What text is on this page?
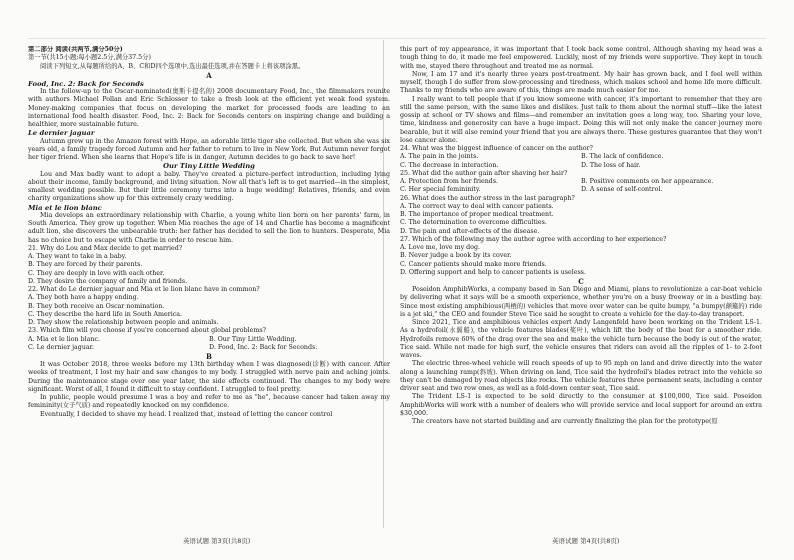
第二部分 阅读(共两节,满分50分)

第一节(共15小题;每小题2.5分,满分37.5分)

阅读下列短文,从每题所给的A、B、C和D四个选项中,选出最佳选项,并在答题卡上将该项涂黑。

A

Food, Inc. 2: Back for Seconds

In the follow-up to the Oscar-nominated(奥斯卡提名的) 2008 documentary Food, Inc., the filmmakers reunite with authors Michael Pollan and Eric Schlosser to take a fresh look at the efficient yet weak food system. Money-making companies that focus on developing the market for processed foods are leading to an international food health disaster. Food, Inc. 2: Back for Seconds centers on inspiring change and building a healthier, more sustainable future.

Le dernier jaguar

Autumn grew up in the Amazon forest with Hope, an adorable little tiger she collected. But when she was six years old, a family tragedy forced Autumn and her father to return to live in New York. But Autumn never forgot her tiger friend. When she learns that Hope's life is in danger, Autumn decides to go back to save her!

Our Tiny Little Wedding

Lou and Max badly want to adopt a baby. They've created a picture-perfect introduction, including lying about their income, family background, and living situation. Now all that's left is to get married—in the simplest, smallest wedding possible. But their little ceremony turns into a huge wedding! Relatives, friends, and even charity organizations show up for this extremely crazy wedding.

Mia et le lion blanc

Mia develops an extraordinary relationship with Charlie, a young white lion born on her parents' farm, in South America. They grow up together. When Mia reaches the age of 14 and Charlie has become a magnificent adult lion, she discovers the unbearable truth: her father has decided to sell the lion to hunters. Desperate, Mia has no choice but to escape with Charlie in order to rescue him.

21. Why do Lou and Max decide to get married?

A. They want to take in a baby.

B. They are forced by their parents.

C. They are deeply in love with each other.

D. They desire the company of family and friends.

22. What do Le dernier jaguar and Mia et le lion blanc have in common?

A. They both have a happy ending.

B. They both receive an Oscar nomination.

C. They describe the hard life in South America.

D. They show the relationship between people and animals.

23. Which film will you choose if you're concerned about global problems?

A. Mia et le lion blanc.	B. Our Tiny Little Wedding.
C. Le dernier jaguar.	D. Food, Inc. 2: Back for Seconds.

B

It was October 2018, three weeks before my 13th birthday when I was diagnosed(诊断) with cancer. After weeks of treatment, I lost my hair and saw changes to my body. I struggled with nerve pain and aching joints. During the maintenance stage over one year later, the side effects continued. The changes to my body were significant. Worst of all, I found it difficult to stay confident. I struggled to feel pretty.

In public, people would presume I was a boy and refer to me as "he", because cancer had taken away my femininity(女子气质) and repeatedly knocked on my confidence.

Eventually, I decided to shave my head. I realized that, instead of letting the cancer control

this part of my appearance, it was important that I took back some control. Although shaving my head was a tough thing to do, it made me feel empowered. Luckily, most of my friends were supportive. They kept in touch with me, stayed there throughout and treated me as normal.

Now, I am 17 and it's nearly three years post-treatment. My hair has grown back, and I feel well within myself, though I do suffer from slow-processing and tiredness, which makes school and home life more difficult. Thanks to my friends who are aware of this, things are made much easier for me.

I really want to tell people that if you know someone with cancer, it's important to remember that they are still the same person, with the same likes and dislikes. Just talk to them about the normal stuff—like the latest gossip at school or TV shows and films—and remember an invitation goes a long way, too. Sharing your love, time, kindness and generosity can have a huge impact. Doing this will not only make the cancer journey more bearable, but it will also remind your friend that you are always there. These gestures guarantee that they won't lose cancer alone.

24. What was the biggest influence of cancer on the author?

A. The pain in the joints.	B. The lack of confidence.
C. The decrease in interaction.	D. The loss of hair.

25. What did the author gain after shaving her hair?

A. Protection from her friends.	B. Positive comments on her appearance.
C. Her special femininity.	D. A sense of self-control.

26. What does the author stress in the last paragraph?

A. The correct way to deal with cancer patients.

B. The importance of proper medical treatment.

C. The determination to overcome difficulties.

D. The pain and after-effects of the disease.

27. Which of the following may the author agree with according to her experience?

A. Love me, love my dog.

B. Never judge a book by its cover.

C. Cancer patients should make more friends.

D. Offering support and help to cancer patients is useless.

C

Poseidon AmphibWorks, a company based in San Diego and Miami, plans to revolutionize a car-boat vehicle by delivering what it says will be a smooth experience, whether you're on a busy freeway or in a bustling bay. Since most existing amphibious(两栖的) vehicles that move over water can be quite bumpy, "a bumpy(颠簸的) ride is a jet ski," the CEO and founder Steve Tice said he sought to create a vehicle for the day-to-day transport.

Since 2021, Tice and amphibious vehicles expert Andy Langenfeld have been working on the Trident LS-1. As a hydrofoil(水翼船), the vehicle features blades(桨叶), which lift the body of the boat for a smoother ride. Hydrofoils remove 60% of the drag over the sea and make the vehicle turn because the body is out of the water, Tice said. While not made for high surf, the vehicle ensures that riders can avoid all the ripples of 1- to 2-foot waves.

The electric three-wheel vehicle will reach speeds of up to 95 mph on land and drive directly into the water along a launching ramp(斜坡). When driving on land, Tice said the hydrofoil's blades retract into the vehicle so they can't be damaged by road objects like rocks. The vehicle features three permanent seats, including a center driver seat and two row ones, as well as a fold-down center seat, Tice said.

The Trident LS-1 is expected to be sold directly to the consumer at $100,000, Tice said. Poseidon AmphibWorks will work with a number of dealers who will provide service and local support for around an extra $30,000.

The creators have not started building and are currently finalizing the plan for the prototype(原

英语试题 第3页(共8页)	英语试题 第4页(共8页)
